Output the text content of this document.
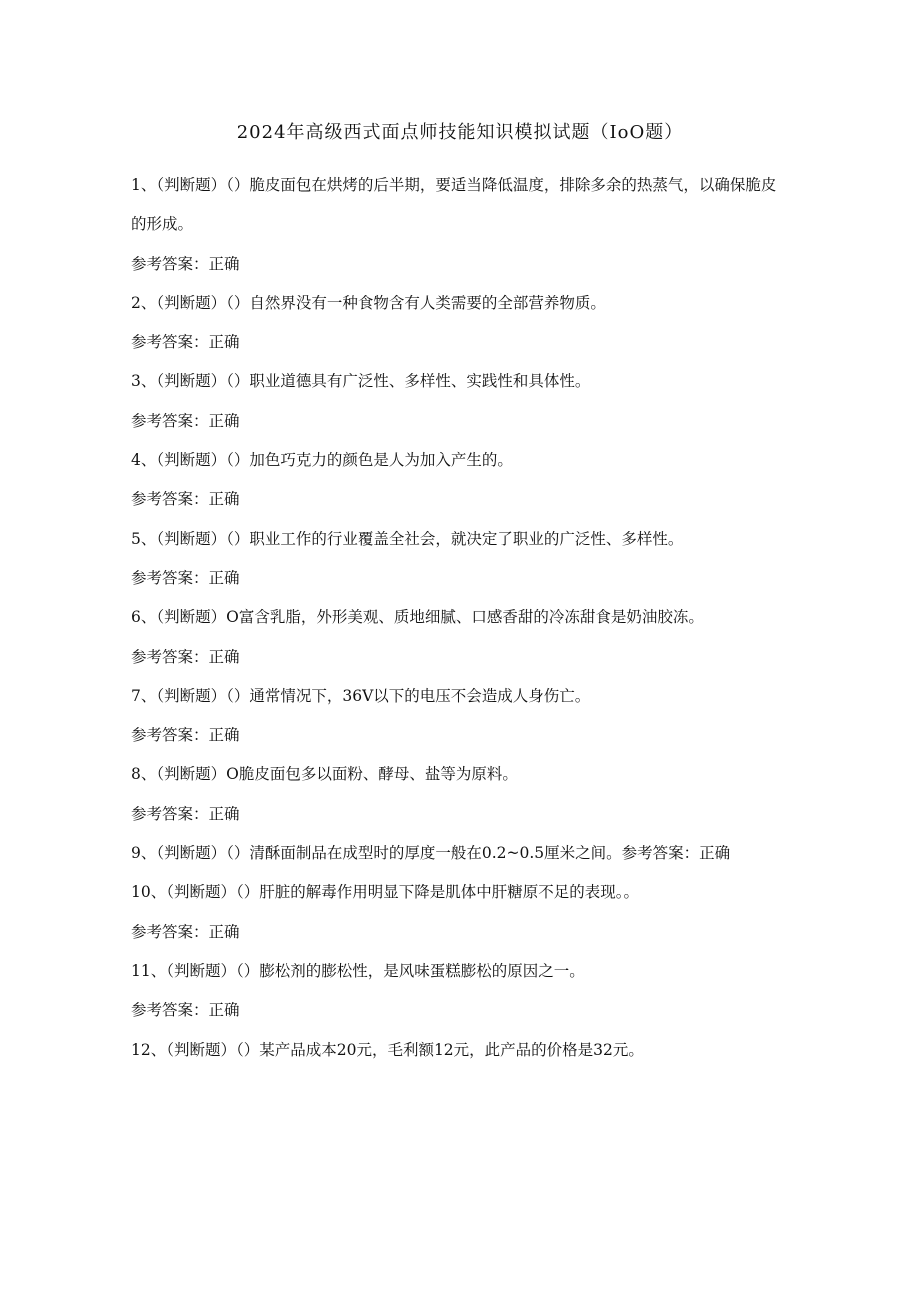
2024年高级西式面点师技能知识模拟试题（IoO题）

1、（判断题）（）脆皮面包在烘烤的后半期，要适当降低温度，排除多余的热蒸气，以确保脆皮的形成。

参考答案：正确

2、（判断题）（）自然界没有一种食物含有人类需要的全部营养物质。

参考答案：正确

3、（判断题）（）职业道德具有广泛性、多样性、实践性和具体性。

参考答案：正确

4、（判断题）（）加色巧克力的颜色是人为加入产生的。

参考答案：正确

5、（判断题）（）职业工作的行业覆盖全社会，就决定了职业的广泛性、多样性。

参考答案：正确

6、（判断题）O富含乳脂，外形美观、质地细腻、口感香甜的冷冻甜食是奶油胶冻。

参考答案：正确

7、（判断题）（）通常情况下，36V以下的电压不会造成人身伤亡。

参考答案：正确

8、（判断题）O脆皮面包多以面粉、酵母、盐等为原料。

参考答案：正确

9、（判断题）（）清酥面制品在成型时的厚度一般在0.2~0.5厘米之间。参考答案：正确

10、（判断题）（）肝脏的解毒作用明显下降是肌体中肝糖原不足的表现。。

参考答案：正确

11、（判断题）（）膨松剂的膨松性，是风味蛋糕膨松的原因之一。

参考答案：正确

12、（判断题）（）某产品成本20元，毛利额12元，此产品的价格是32元。
